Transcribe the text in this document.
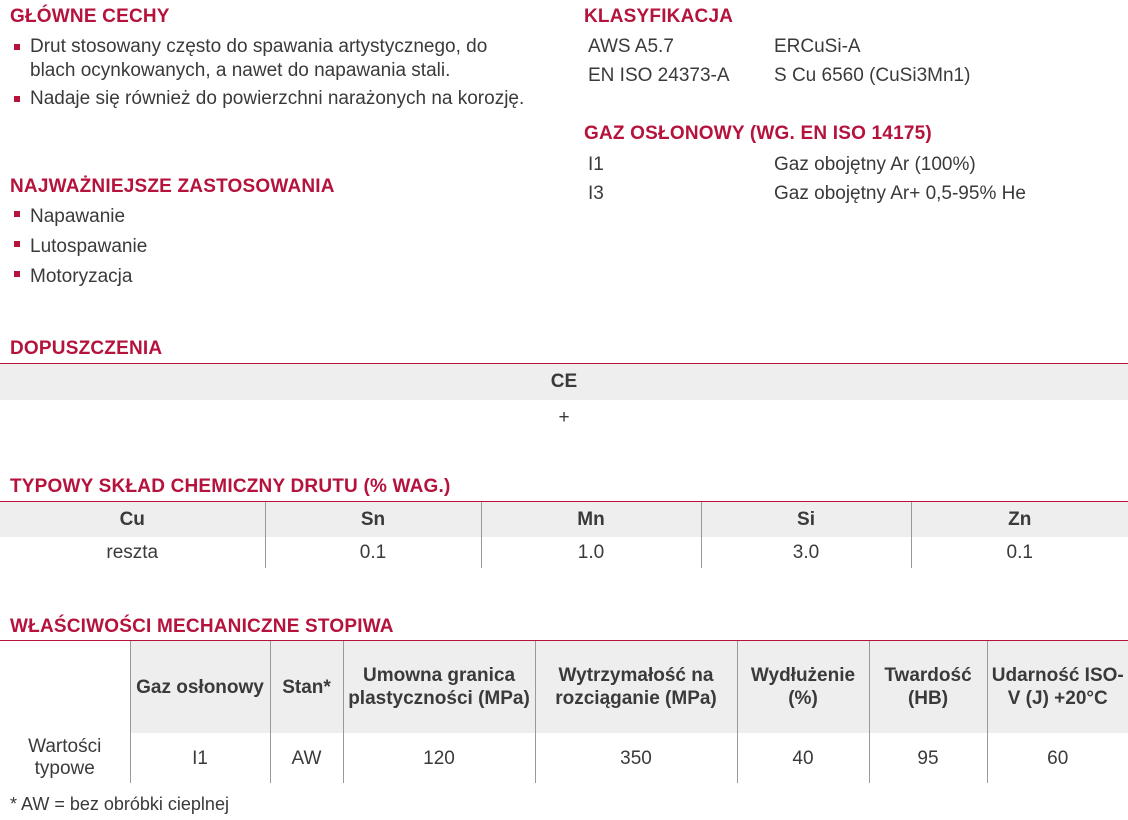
GŁÓWNE CECHY
Drut stosowany często do spawania artystycznego, do blach ocynkowanych, a nawet do napawania stali.
Nadaje się również do powierzchni narażonych na korozję.
NAJWAŻNIEJSZE ZASTOSOWANIA
Napawanie
Lutospawanie
Motoryzacja
KLASYFIKACJA
AWS A5.7	ERCuSi-A
EN ISO 24373-A	S Cu 6560 (CuSi3Mn1)
GAZ OSŁONOWY (WG. EN ISO 14175)
I1	Gaz obojętny Ar (100%)
I3	Gaz obojętny Ar+ 0,5-95% He
DOPUSZCZENIA
CE
+
TYPOWY SKŁAD CHEMICZNY DRUTU (% WAG.)
Cu	Sn	Mn	Si	Zn
reszta	0.1	1.0	3.0	0.1
WŁAŚCIWOŚCI MECHANICZNE STOPIWA
	Gaz osłonowy	Stan*	Umowna granica plastyczności (MPa)	Wytrzymałość na rozciąganie (MPa)	Wydłużenie (%)	Twardość (HB)	Udarność ISO-V (J) +20°C
Wartości typowe	I1	AW	120	350	40	95	60
* AW = bez obróbki cieplnej
